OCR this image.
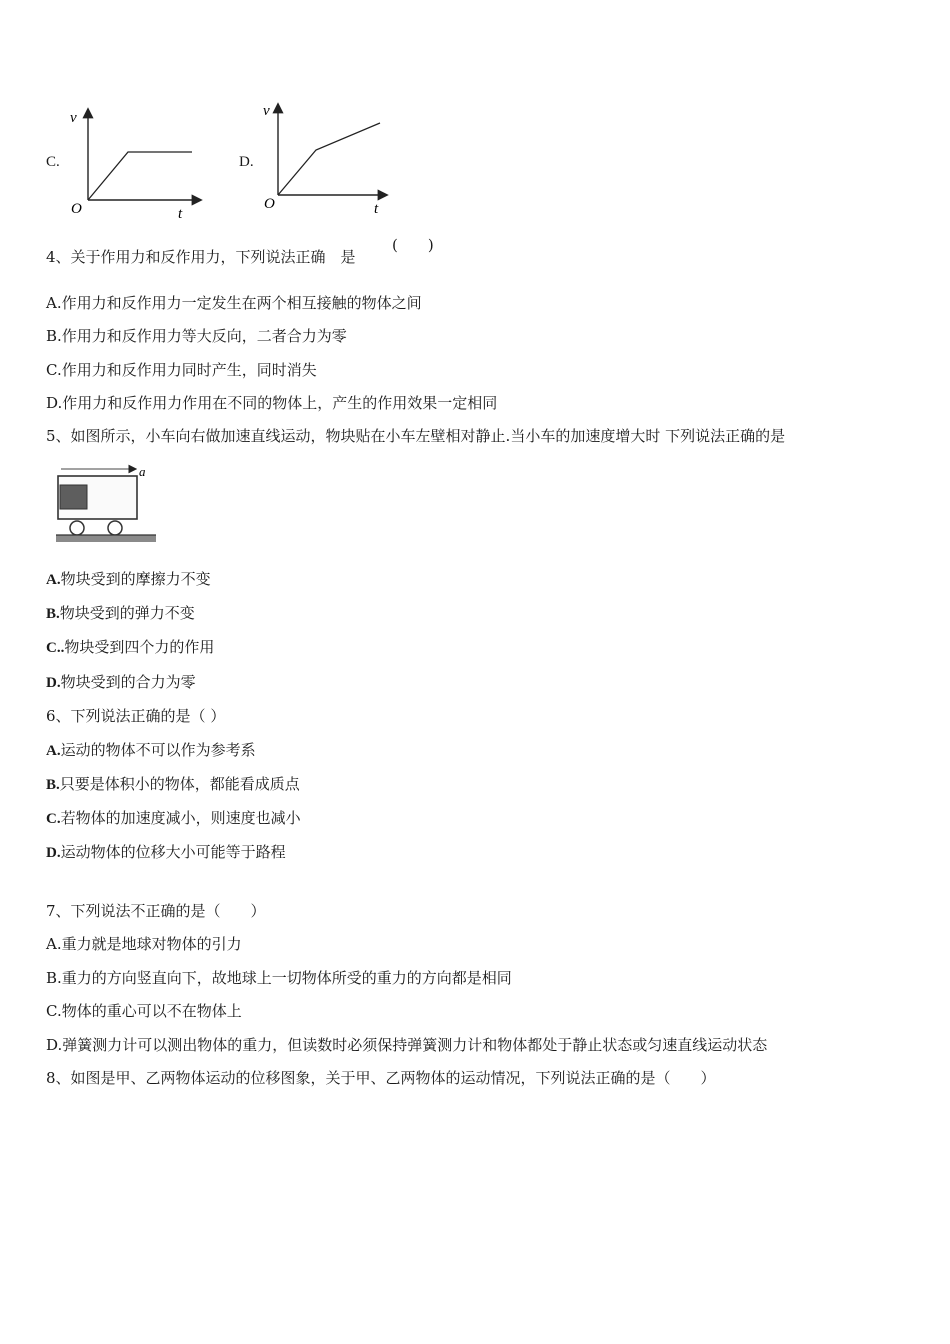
C.
v
t
O
D.
v
t
O
4、关于作用力和反作用力，下列说法正确　是
(　　)
A.作用力和反作用力一定发生在两个相互接触的物体之间
B.作用力和反作用力等大反向，二者合力为零
C.作用力和反作用力同时产生，同时消失
D.作用力和反作用力作用在不同的物体上，产生的作用效果一定相同
5、如图所示，小车向右做加速直线运动，物块贴在小车左壁相对静止.当小车的加速度增大时 下列说法正确的是
a
A.物块受到的摩擦力不变
B.物块受到的弹力不变
C..物块受到四个力的作用
D.物块受到的合力为零
6、下列说法正确的是（ ）
A.运动的物体不可以作为参考系
B.只要是体积小的物体，都能看成质点
C.若物体的加速度减小，则速度也减小
D.运动物体的位移大小可能等于路程
7、下列说法不正确的是（　　）
A.重力就是地球对物体的引力
B.重力的方向竖直向下，故地球上一切物体所受的重力的方向都是相同
C.物体的重心可以不在物体上
D.弹簧测力计可以测出物体的重力，但读数时必须保持弹簧测力计和物体都处于静止状态或匀速直线运动状态
8、如图是甲、乙两物体运动的位移图象，关于甲、乙两物体的运动情况，下列说法正确的是（　　）
